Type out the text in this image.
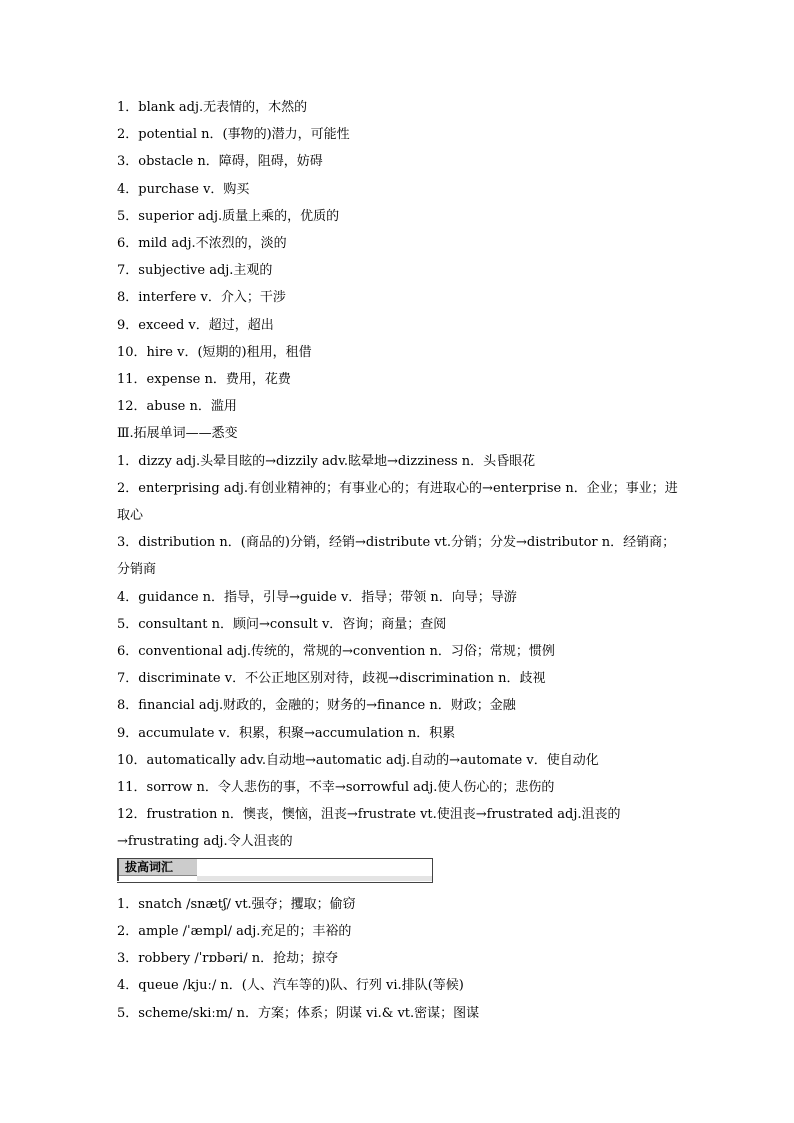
1．blank adj.无表情的，木然的
2．potential n．(事物的)潜力，可能性
3．obstacle n．障碍，阻碍，妨碍
4．purchase v．购买
5．superior adj.质量上乘的，优质的
6．mild adj.不浓烈的，淡的
7．subjective adj.主观的
8．interfere v．介入；干涉
9．exceed v．超过，超出
10．hire v．(短期的)租用，租借
11．expense n．费用，花费
12．abuse n．滥用
Ⅲ.拓展单词——悉变
1．dizzy adj.头晕目眩的→dizzily adv.眩晕地→dizziness n．头昏眼花
2．enterprising adj.有创业精神的；有事业心的；有进取心的→enterprise n．企业；事业；进取心
3．distribution n．(商品的)分销，经销→distribute vt.分销；分发→distributor n．经销商；分销商
4．guidance n．指导，引导→guide v．指导；带领 n．向导；导游
5．consultant n．顾问→consult v．咨询；商量；查阅
6．conventional adj.传统的，常规的→convention n．习俗；常规；惯例
7．discriminate v．不公正地区别对待，歧视→discrimination n．歧视
8．financial adj.财政的，金融的；财务的→finance n．财政；金融
9．accumulate v．积累，积聚→accumulation n．积累
10．automatically adv.自动地→automatic adj.自动的→automate v．使自动化
11．sorrow n．令人悲伤的事，不幸→sorrowful adj.使人伤心的；悲伤的
12．frustration n．懊丧，懊恼，沮丧→frustrate vt.使沮丧→frustrated adj.沮丧的→frustrating adj.令人沮丧的
拔高词汇
1．snatch /snætʃ/ vt.强夺；攫取；偷窃
2．ample /ˈæmpl/ adj.充足的；丰裕的
3．robbery /ˈrɒbəri/ n．抢劫；掠夺
4．queue /kjuː/ n．(人、汽车等的)队、行列 vi.排队(等候)
5．scheme/skiːm/ n．方案；体系；阴谋 vi.& vt.密谋；图谋
